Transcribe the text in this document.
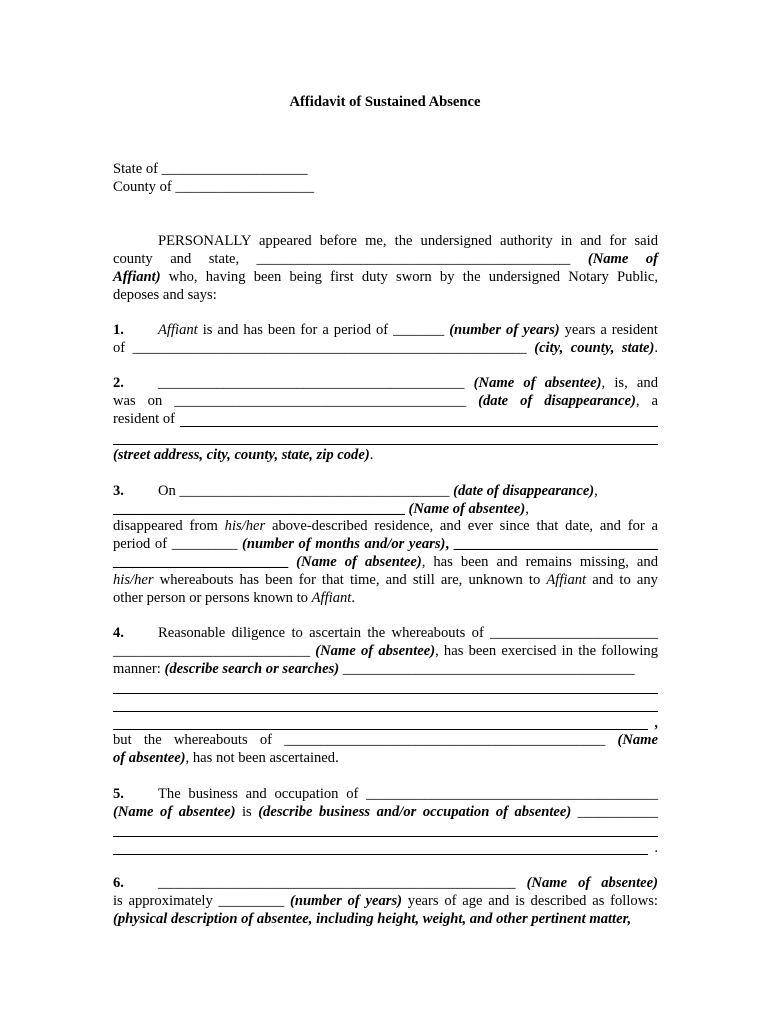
Affidavit of Sustained Absence
State of ____________________
County of ___________________
PERSONALLY appeared before me, the undersigned authority in and for said
county and state, ___________________________________________ (Name of
Affiant) who, having been being first duty sworn by the undersigned Notary Public,
deposes and says:
1. Affiant is and has been for a period of _______ (number of years) years a resident
of ______________________________________________________ (city, county, state).
2. __________________________________________ (Name of absentee), is, and
was on ________________________________________ (date of disappearance), a
resident of
(street address, city, county, state, zip code).
3. On _____________________________________ (date of disappearance),
________________________________________ (Name of absentee),
disappeared from his/her above-described residence, and ever since that date, and for a
period of _________ (number of months and/or years), ____________________________
________________________ (Name of absentee), has been and remains missing, and
his/her whereabouts has been for that time, and still are, unknown to Affiant and to any
other person or persons known to Affiant.
4. Reasonable diligence to ascertain the whereabouts of _______________________
___________________________ (Name of absentee), has been exercised in the following
manner: (describe search or searches) ________________________________________
,
but the whereabouts of ____________________________________________ (Name
of absentee), has not been ascertained.
5. The business and occupation of ________________________________________
(Name of absentee) is (describe business and/or occupation of absentee) ___________
.
6. _________________________________________________ (Name of absentee)
is approximately _________ (number of years) years of age and is described as follows:
(physical description of absentee, including height, weight, and other pertinent matter,
